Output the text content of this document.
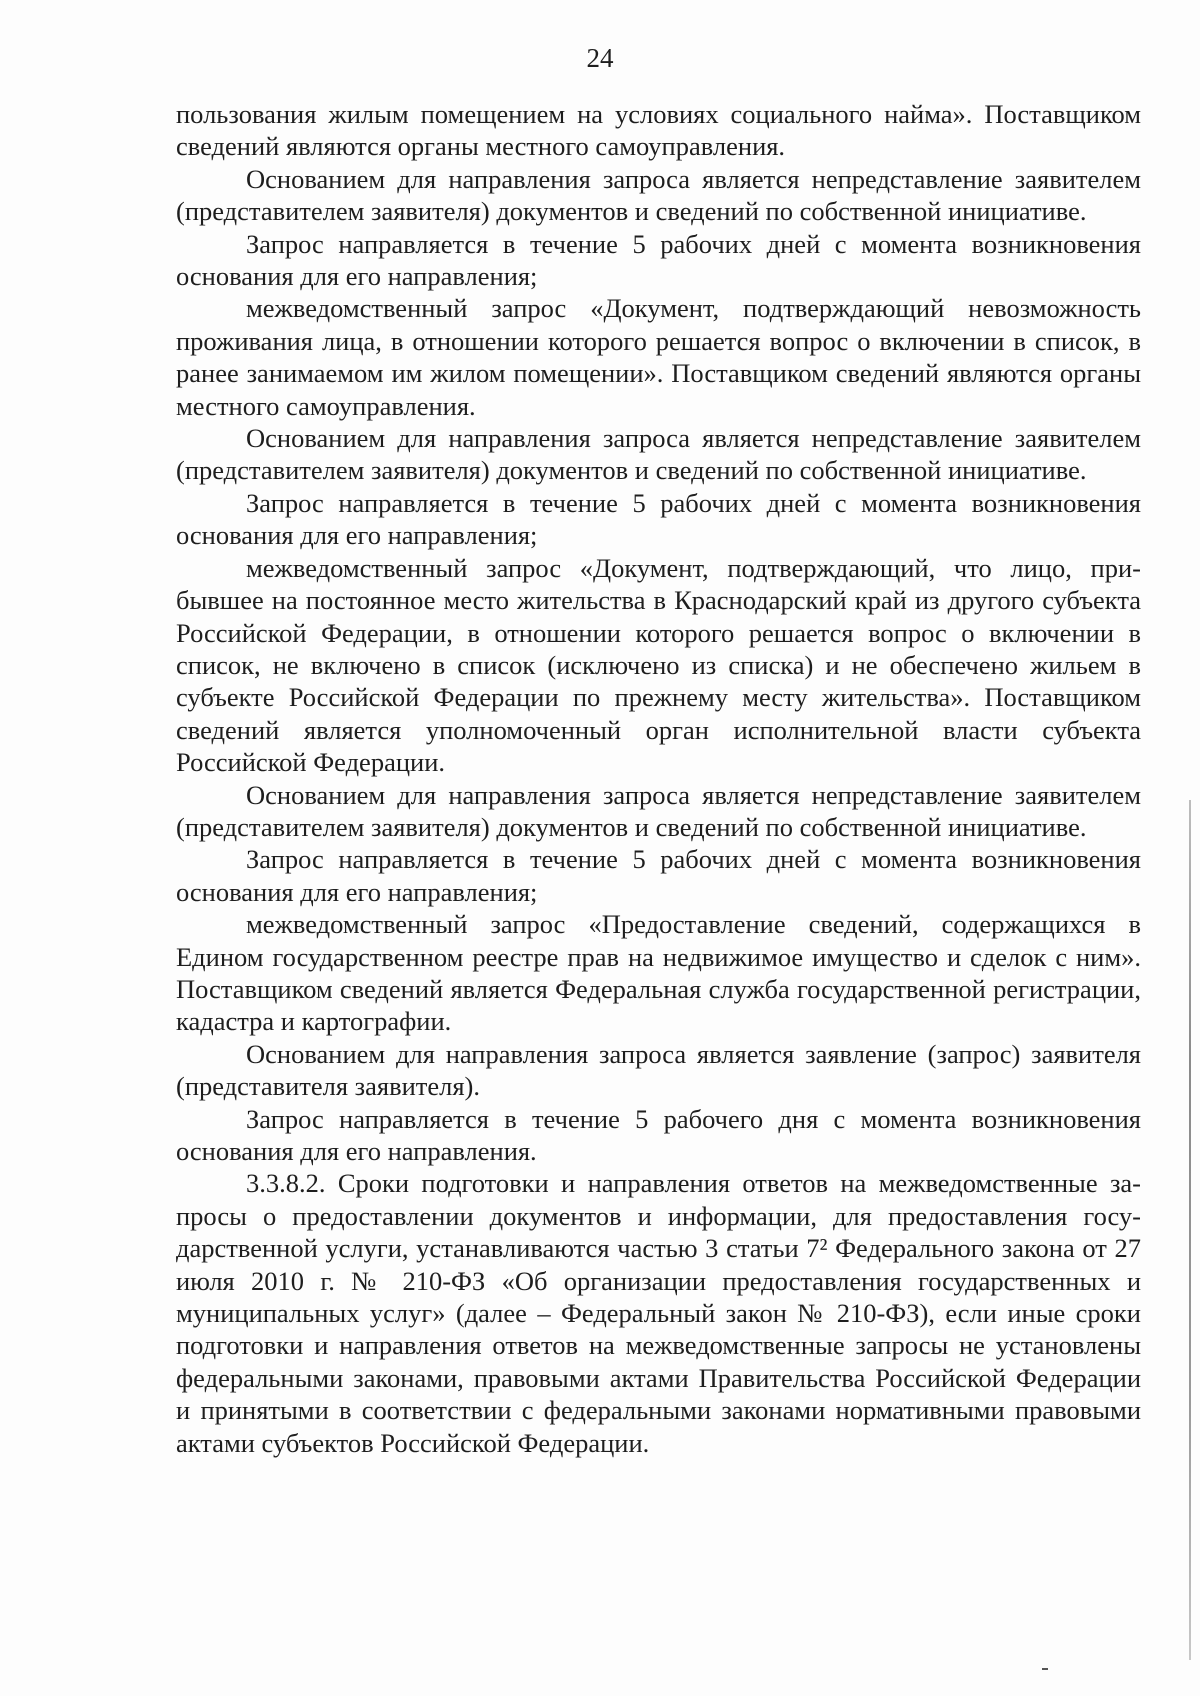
24

пользования жилым помещением на условиях социального найма». Поставщиком сведений являются органы местного самоуправления.

Основанием для направления запроса является непредставление заявителем (представителем заявителя) документов и сведений по собственной инициативе.

Запрос направляется в течение 5 рабочих дней с момента возникновения основания для его направления;

межведомственный запрос «Документ, подтверждающий невозможность проживания лица, в отношении которого решается вопрос о включении в список, в ранее занимаемом им жилом помещении». Поставщиком сведений являются органы местного самоуправления.

Основанием для направления запроса является непредставление заявителем (представителем заявителя) документов и сведений по собственной инициативе.

Запрос направляется в течение 5 рабочих дней с момента возникновения основания для его направления;

межведомственный запрос «Документ, подтверждающий, что лицо, прибывшее на постоянное место жительства в Краснодарский край из другого субъекта Российской Федерации, в отношении которого решается вопрос о включении в список, не включено в список (исключено из списка) и не обеспечено жильем в субъекте Российской Федерации по прежнему месту жительства». Поставщиком сведений является уполномоченный орган исполнительной власти субъекта Российской Федерации.

Основанием для направления запроса является непредставление заявителем (представителем заявителя) документов и сведений по собственной инициативе.

Запрос направляется в течение 5 рабочих дней с момента возникновения основания для его направления;

межведомственный запрос «Предоставление сведений, содержащихся в Едином государственном реестре прав на недвижимое имущество и сделок с ним». Поставщиком сведений является Федеральная служба государственной регистрации, кадастра и картографии.

Основанием для направления запроса является заявление (запрос) заявителя (представителя заявителя).

Запрос направляется в течение 5 рабочего дня с момента возникновения основания для его направления.

3.3.8.2. Сроки подготовки и направления ответов на межведомственные запросы о предоставлении документов и информации, для предоставления государственной услуги, устанавливаются частью 3 статьи 7² Федерального закона от 27 июля 2010 г. № 210-ФЗ «Об организации предоставления государственных и муниципальных услуг» (далее – Федеральный закон № 210-ФЗ), если иные сроки подготовки и направления ответов на межведомственные запросы не установлены федеральными законами, правовыми актами Правительства Российской Федерации и принятыми в соответствии с федеральными законами нормативными правовыми актами субъектов Российской Федерации.
